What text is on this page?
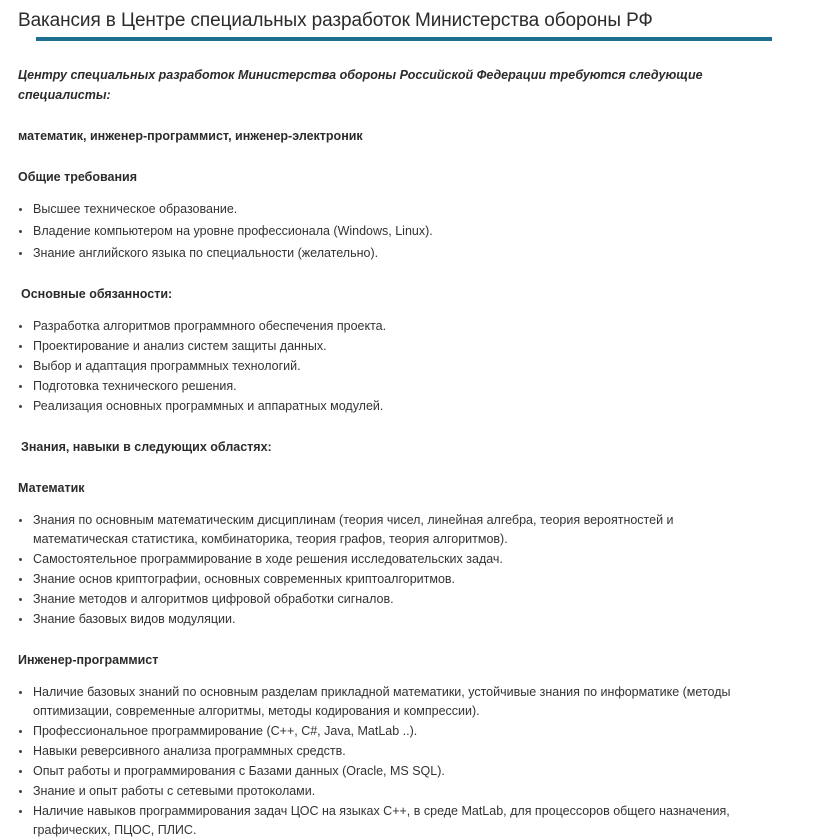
Вакансия в Центре специальных разработок Министерства обороны РФ

Центру специальных разработок Министерства обороны Российской Федерации требуются следующие специалисты:

математик, инженер-программист, инженер-электроник

Общие требования

Высшее техническое образование.
Владение компьютером на уровне профессионала (Windows, Linux).
Знание английского языка по специальности (желательно).

Основные обязанности:

Разработка алгоритмов программного обеспечения проекта.
Проектирование и анализ систем защиты данных.
Выбор и адаптация программных технологий.
Подготовка технического решения.
Реализация основных программных и аппаратных модулей.

Знания, навыки в следующих областях:

Математик

Знания по основным математическим дисциплинам (теория чисел, линейная алгебра, теория вероятностей и математическая статистика, комбинаторика, теория графов, теория алгоритмов).
Самостоятельное программирование в ходе решения исследовательских задач.
Знание основ криптографии, основных современных криптоалгоритмов.
Знание методов и алгоритмов цифровой обработки сигналов.
Знание базовых видов модуляции.

Инженер-программист

Наличие базовых знаний по основным разделам прикладной математики, устойчивые знания по информатике (методы оптимизации, современные алгоритмы, методы кодирования и компрессии).
Профессиональное программирование (C++, C#, Java, MatLab ..).
Навыки реверсивного анализа программных средств.
Опыт работы и программирования с Базами данных (Oracle, MS SQL).
Знание и опыт работы с сетевыми протоколами.
Наличие навыков программирования задач ЦОС на языках C++, в среде MatLab, для процессоров общего назначения, графических, ПЦОС, ПЛИС.
